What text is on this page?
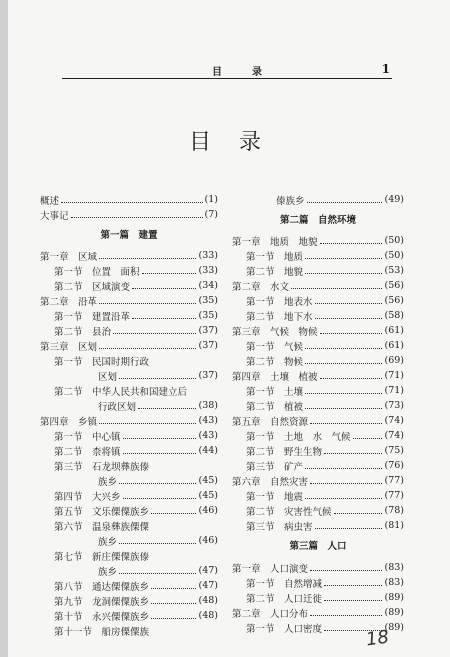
目　录	1
目录
概述	(1)
大事记	(7)
第一篇　建置
第一章　区域	(33)
第一节　位置　面积	(33)
第二节　区域演变	(34)
第二章　沿革	(35)
第一节　建置沿革	(35)
第二节　县治	(37)
第三章　区划	(37)
第一节　民国时期行政
区划	(37)
第二节　中华人民共和国建立后
行政区划	(38)
第四章　乡镇	(43)
第一节　中心镇	(43)
第二节　柰将镇	(44)
第三节　石龙坝彝族傣
族乡	(45)
第四节　大兴乡	(45)
第五节　文乐傈僳族乡	(46)
第六节　温泉彝族傈僳
族乡	(46)
第七节　新庄傈僳族傣
族乡	(47)
第八节　通达傈僳族乡	(47)
第九节　龙洞傈僳族乡	(48)
第十节　永兴傈僳族乡	(48)
第十一节　船房傈僳族
傣族乡	(49)
第二篇　自然环境
第一章　地质　地貌	(50)
第一节　地质	(50)
第二节　地貌	(53)
第二章　水文	(56)
第一节　地表水	(56)
第二节　地下水	(58)
第三章　气候　物候	(61)
第一节　气候	(61)
第二节　物候	(69)
第四章　土壤　植被	(71)
第一节　土壤	(71)
第二节　植被	(73)
第五章　自然资源	(74)
第一节　土地　水　气候	(74)
第二节　野生生物	(75)
第三节　矿产	(76)
第六章　自然灾害	(77)
第一节　地震	(77)
第二节　灾害性气候	(78)
第三节　病虫害	(81)
第三篇　人口
第一章　人口演变	(83)
第一节　自然增减	(83)
第二节　人口迁徙	(89)
第二章　人口分布	(89)
第一节　人口密度	(89)
18
